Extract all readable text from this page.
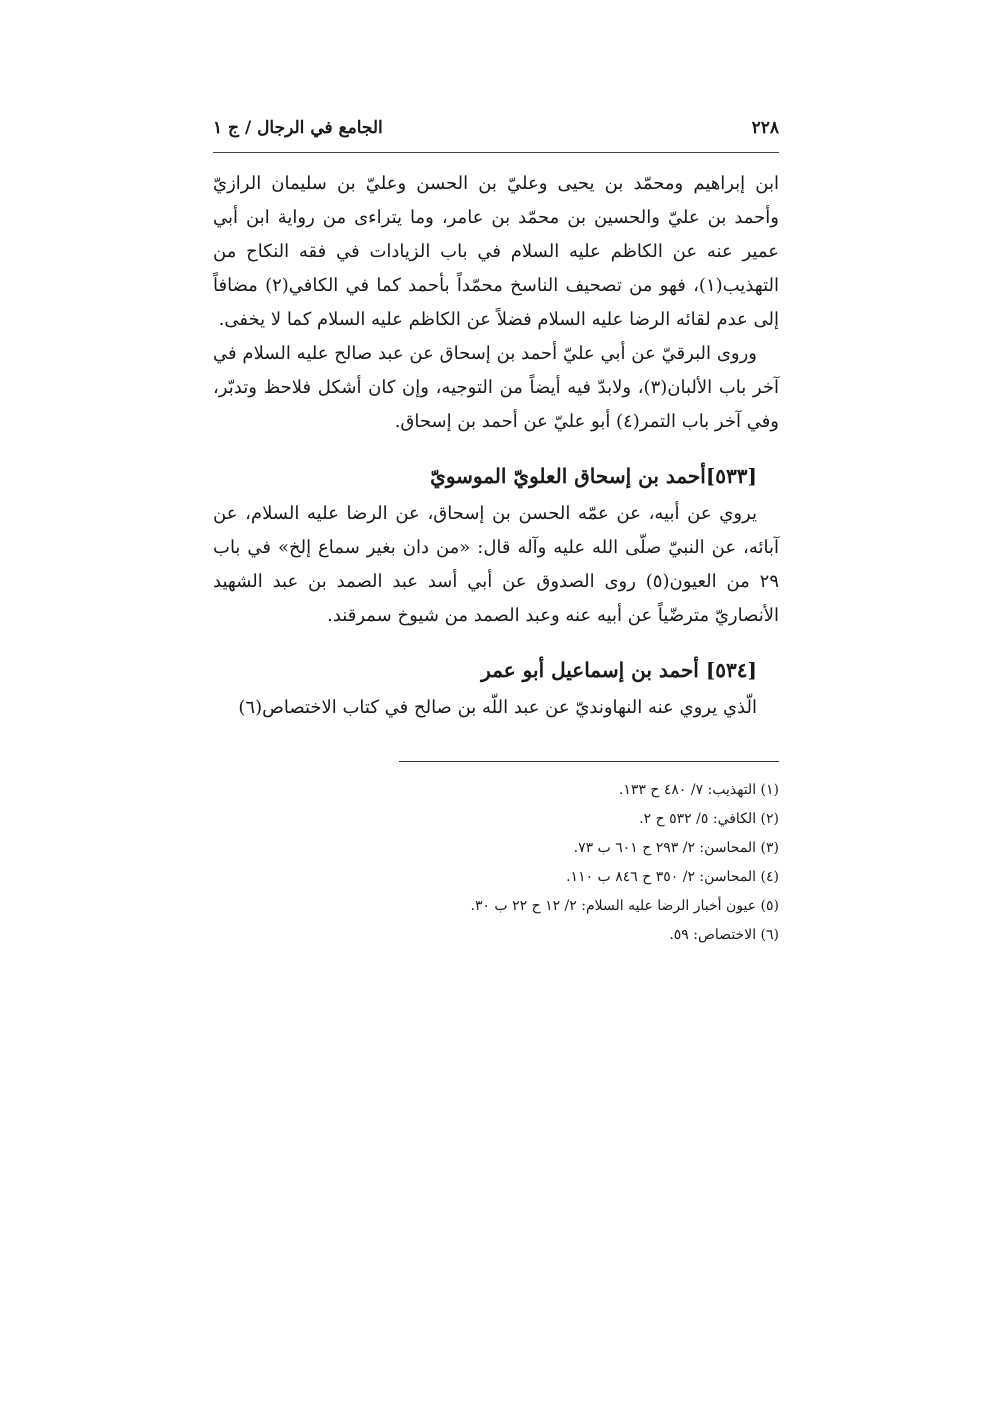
٢٢٨
الجامع في الرجال / ج ١

ابن إبراهيم ومحمّد بن يحيى وعليّ بن الحسن وعليّ بن سليمان الرازيّ وأحمد بن عليّ والحسين بن محمّد بن عامر، وما يتراءى من رواية ابن أبي عمير عنه عن الكاظم عليه السلام في باب الزيادات في فقه النكاح من التهذيب(١)، فهو من تصحيف الناسخ محمّداً بأحمد كما في الكافي(٢) مضافاً إلى عدم لقائه الرضا عليه السلام فضلاً عن الكاظم عليه السلام كما لا يخفى.

وروى البرقيّ عن أبي عليّ أحمد بن إسحاق عن عبد صالح عليه السلام في آخر باب الألبان(٣)، ولابدّ فيه أيضاً من التوجيه، وإن كان أشكل فلاحظ وتدبّر، وفي آخر باب التمر(٤) أبو عليّ عن أحمد بن إسحاق.

[٥٣٣]أحمد بن إسحاق العلويّ الموسويّ

يروي عن أبيه، عن عمّه الحسن بن إسحاق، عن الرضا عليه السلام، عن آبائه، عن النبيّ صلّى الله عليه وآله قال: «من دان بغير سماع إلخ» في باب ٢٩ من العيون(٥) روى الصدوق عن أبي أسد عبد الصمد بن عبد الشهيد الأنصاريّ مترضّياً عن أبيه عنه وعبد الصمد من شيوخ سمرقند.

[٥٣٤] أحمد بن إسماعيل أبو عمر

الّذي يروي عنه النهاونديّ عن عبد اللّه بن صالح في كتاب الاختصاص(٦)

(١) التهذيب: ٧/ ٤٨٠ ح ١٣٣.
(٢) الكافي: ٥/ ٥٣٢ ح ٢.
(٣) المحاسن: ٢/ ٢٩٣ ح ٦٠١ ب ٧٣.
(٤) المحاسن: ٢/ ٣٥٠ ح ٨٤٦ ب ١١٠.
(٥) عيون أخبار الرضا عليه السلام: ٢/ ١٢ ح ٢٢ ب ٣٠.
(٦) الاختصاص: ٥٩.
